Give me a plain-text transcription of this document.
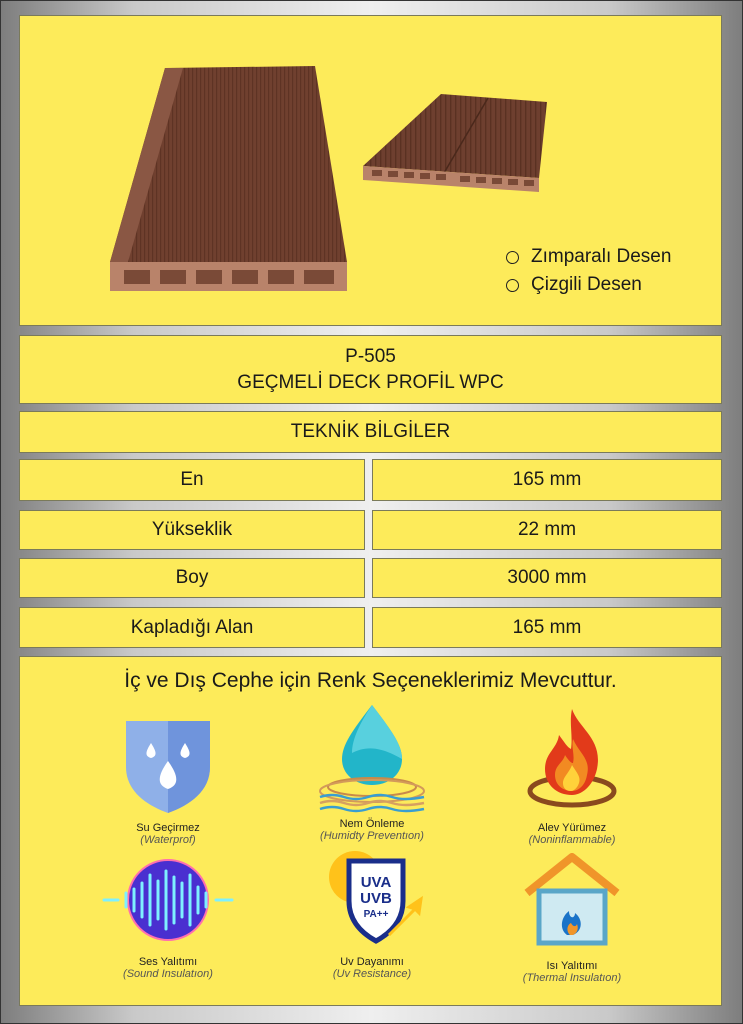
Zımparalı Desen
Çizgili Desen
P-505
GEÇMELİ DECK PROFİL WPC
TEKNİK BİLGİLER
En	165 mm
Yükseklik	22 mm
Boy	3000 mm
Kapladığı Alan	165 mm
İç ve Dış Cephe için Renk Seçeneklerimiz Mevcuttur.
Su Geçirmez
(Waterprof)
Nem Önleme
(Humidty Preventıon)
Alev Yürümez
(Noninflammable)
Ses Yalıtımı
(Sound Insulatıon)
UVA
UVB
PA++
Uv Dayanımı
(Uv Resistance)
Isı Yalıtımı
(Thermal Insulatıon)
